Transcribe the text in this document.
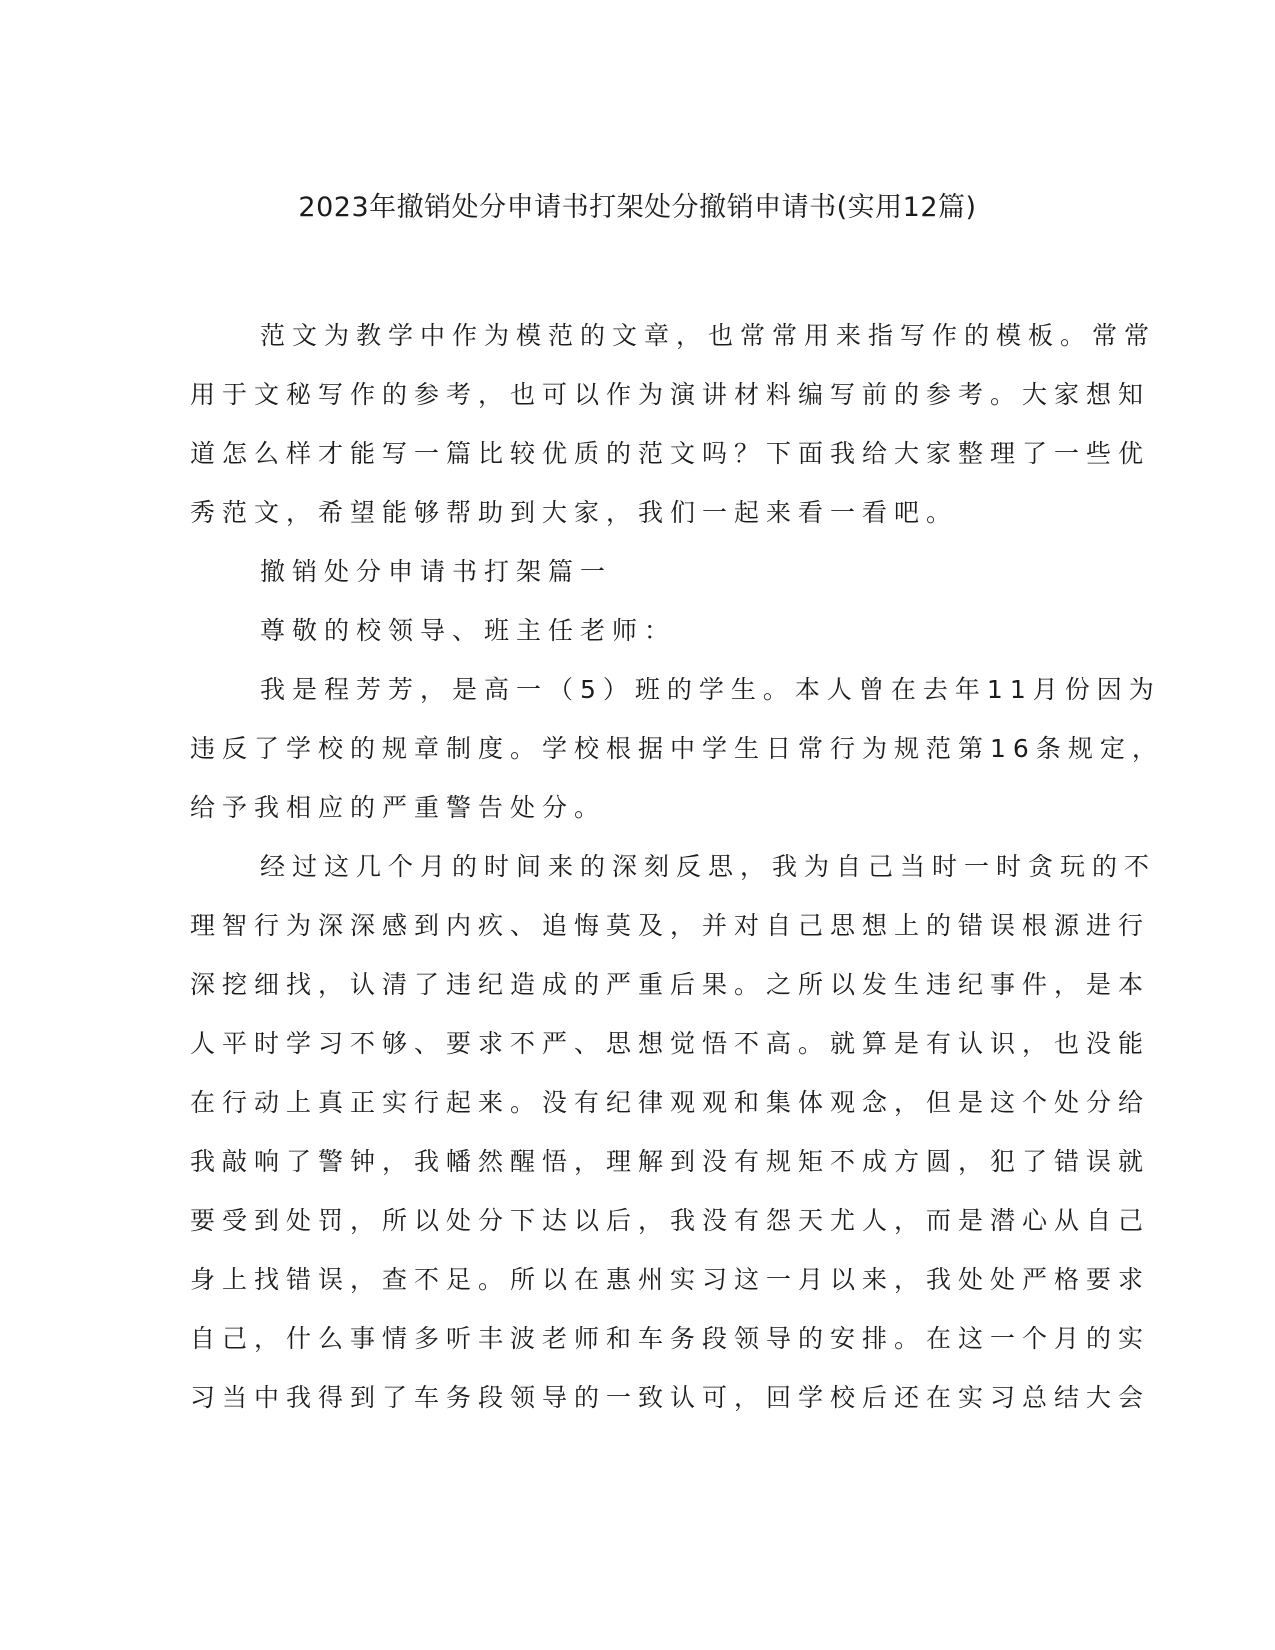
2023年撤销处分申请书打架处分撤销申请书(实用12篇)
范文为教学中作为模范的文章，也常常用来指写作的模板。常常
用于文秘写作的参考，也可以作为演讲材料编写前的参考。大家想知
道怎么样才能写一篇比较优质的范文吗？下面我给大家整理了一些优
秀范文，希望能够帮助到大家，我们一起来看一看吧。
撤销处分申请书打架篇一
尊敬的校领导、班主任老师：
我是程芳芳，是高一（5）班的学生。本人曾在去年11月份因为
违反了学校的规章制度。学校根据中学生日常行为规范第16条规定，
给予我相应的严重警告处分。
经过这几个月的时间来的深刻反思，我为自己当时一时贪玩的不
理智行为深深感到内疚、追悔莫及，并对自己思想上的错误根源进行
深挖细找，认清了违纪造成的严重后果。之所以发生违纪事件，是本
人平时学习不够、要求不严、思想觉悟不高。就算是有认识，也没能
在行动上真正实行起来。没有纪律观观和集体观念，但是这个处分给
我敲响了警钟，我幡然醒悟，理解到没有规矩不成方圆，犯了错误就
要受到处罚，所以处分下达以后，我没有怨天尤人，而是潜心从自己
身上找错误，查不足。所以在惠州实习这一月以来，我处处严格要求
自己，什么事情多听丰波老师和车务段领导的安排。在这一个月的实
习当中我得到了车务段领导的一致认可，回学校后还在实习总结大会
